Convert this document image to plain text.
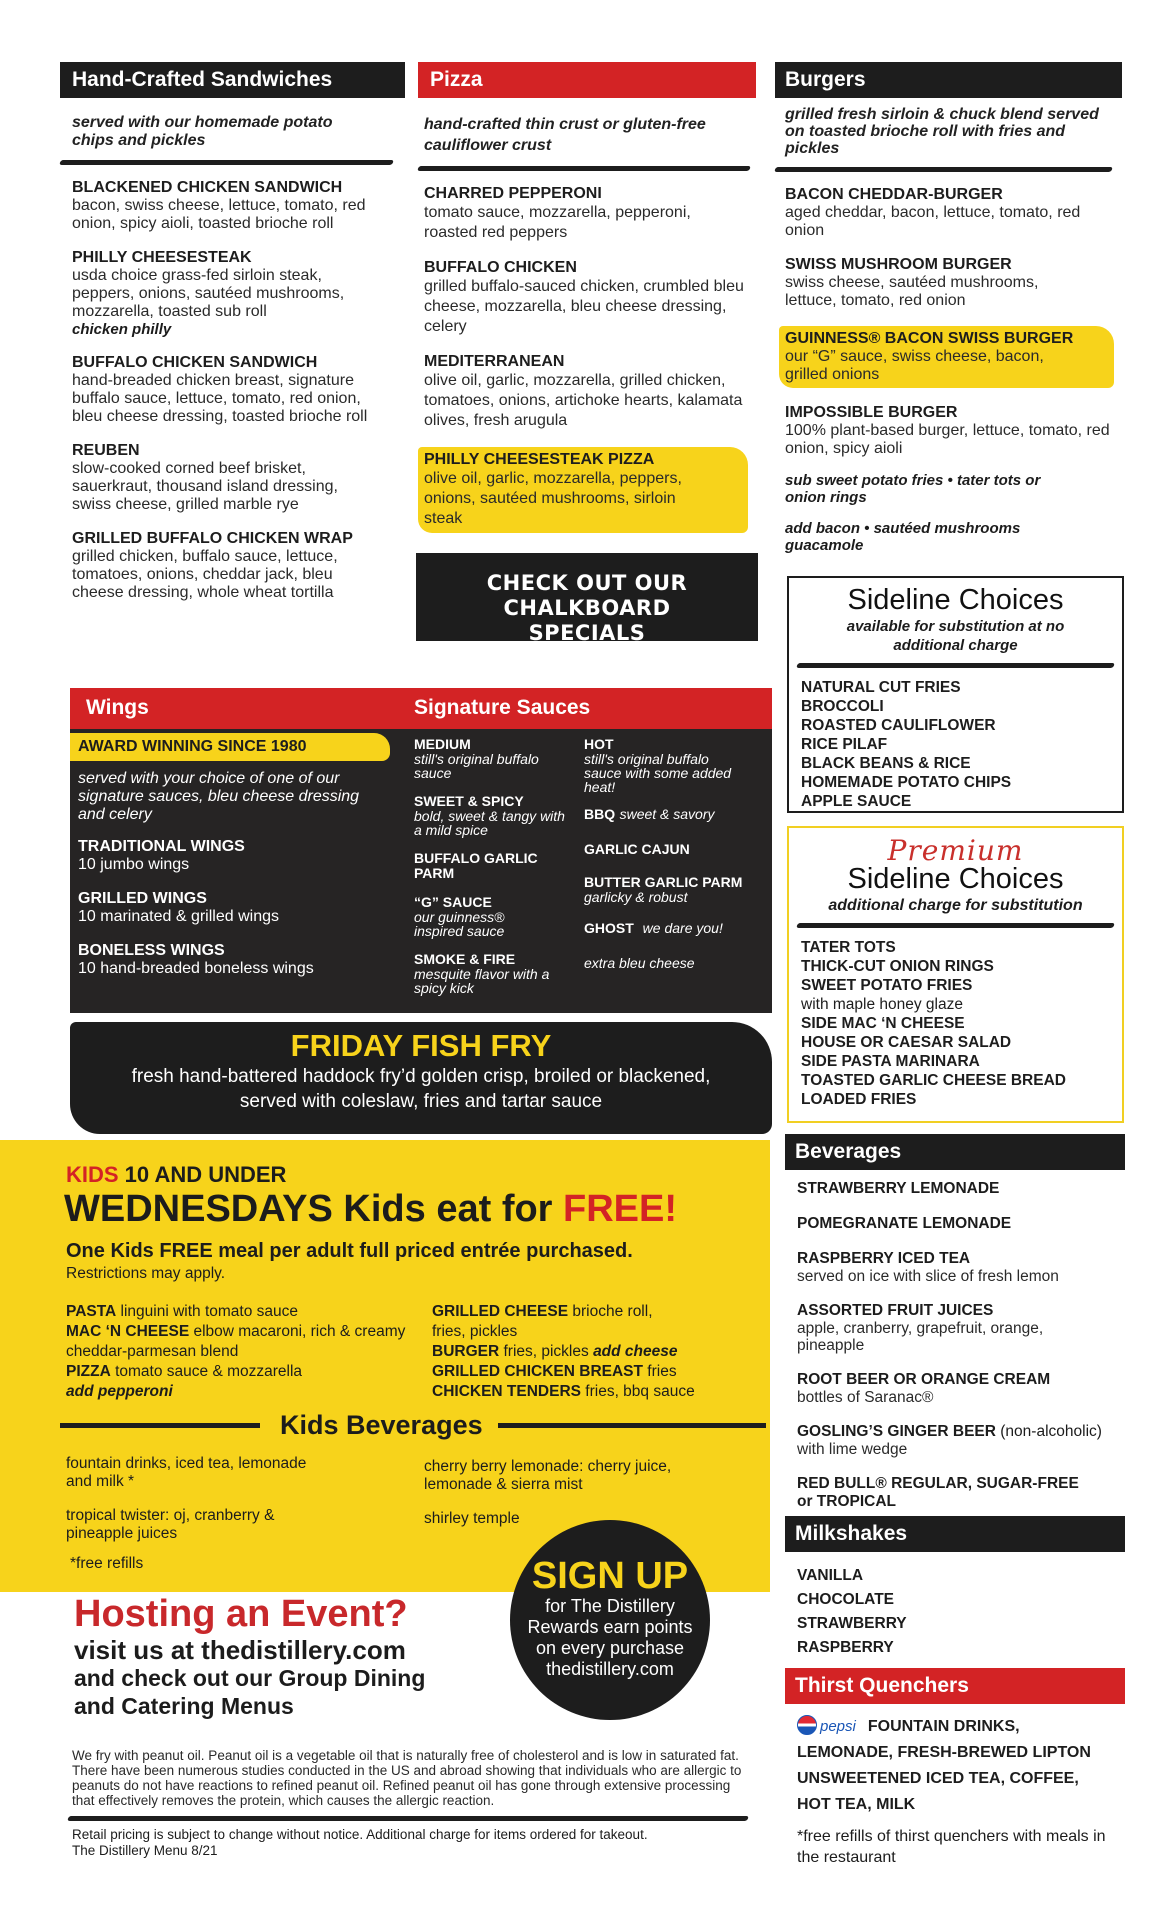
Hand-Crafted Sandwiches
served with our homemade potato chips and pickles
BLACKENED CHICKEN SANDWICH
bacon, swiss cheese, lettuce, tomato, red onion, spicy aioli, toasted brioche roll
PHILLY CHEESESTEAK
usda choice grass-fed sirloin steak, peppers, onions, sautéed mushrooms, mozzarella, toasted sub roll
chicken philly
BUFFALO CHICKEN SANDWICH
hand-breaded chicken breast, signature buffalo sauce, lettuce, tomato, red onion, bleu cheese dressing, toasted brioche roll
REUBEN
slow-cooked corned beef brisket, sauerkraut, thousand island dressing, swiss cheese, grilled marble rye
GRILLED BUFFALO CHICKEN WRAP
grilled chicken, buffalo sauce, lettuce, tomatoes, onions, cheddar jack, bleu cheese dressing, whole wheat tortilla
Pizza
hand-crafted thin crust or gluten-free cauliflower crust
CHARRED PEPPERONI
tomato sauce, mozzarella, pepperoni, roasted red peppers
BUFFALO CHICKEN
grilled buffalo-sauced chicken, crumbled bleu cheese, mozzarella, bleu cheese dressing, celery
MEDITERRANEAN
olive oil, garlic, mozzarella, grilled chicken, tomatoes, onions, artichoke hearts, kalamata olives, fresh arugula
PHILLY CHEESESTEAK PIZZA
olive oil, garlic, mozzarella, peppers, onions, sautéed mushrooms, sirloin steak
CHECK OUT OUR CHALKBOARD SPECIALS
Burgers
grilled fresh sirloin & chuck blend served on toasted brioche roll with fries and pickles
BACON CHEDDAR-BURGER
aged cheddar, bacon, lettuce, tomato, red onion
SWISS MUSHROOM BURGER
swiss cheese, sautéed mushrooms, lettuce, tomato, red onion
GUINNESS® BACON SWISS BURGER
our “G” sauce, swiss cheese, bacon, grilled onions
IMPOSSIBLE BURGER
100% plant-based burger, lettuce, tomato, red onion, spicy aioli
sub sweet potato fries • tater tots or onion rings
add bacon • sautéed mushrooms guacamole
Sideline Choices
available for substitution at no additional charge
NATURAL CUT FRIES
BROCCOLI
ROASTED CAULIFLOWER
RICE PILAF
BLACK BEANS & RICE
HOMEMADE POTATO CHIPS
APPLE SAUCE
Premium
Sideline Choices
additional charge for substitution
TATER TOTS
THICK-CUT ONION RINGS
SWEET POTATO FRIES
with maple honey glaze
SIDE MAC ‘N CHEESE
HOUSE OR CAESAR SALAD
SIDE PASTA MARINARA
TOASTED GARLIC CHEESE BREAD
LOADED FRIES
Beverages
STRAWBERRY LEMONADE
POMEGRANATE LEMONADE
RASPBERRY ICED TEA
served on ice with slice of fresh lemon
ASSORTED FRUIT JUICES
apple, cranberry, grapefruit, orange, pineapple
ROOT BEER OR ORANGE CREAM
bottles of Saranac®
GOSLING’S GINGER BEER (non-alcoholic)
with lime wedge
RED BULL® REGULAR, SUGAR-FREE or TROPICAL
Milkshakes
VANILLA
CHOCOLATE
STRAWBERRY
RASPBERRY
Thirst Quenchers
pepsi FOUNTAIN DRINKS, LEMONADE, FRESH-BREWED LIPTON UNSWEETENED ICED TEA, COFFEE, HOT TEA, MILK
*free refills of thirst quenchers with meals in the restaurant
Wings	Signature Sauces
AWARD WINNING SINCE 1980
served with your choice of one of our signature sauces, bleu cheese dressing and celery
TRADITIONAL WINGS
10 jumbo wings
GRILLED WINGS
10 marinated & grilled wings
BONELESS WINGS
10 hand-breaded boneless wings
MEDIUM
still's original buffalo sauce
SWEET & SPICY
bold, sweet & tangy with a mild spice
BUFFALO GARLIC PARM
“G” SAUCE
our guinness® inspired sauce
SMOKE & FIRE
mesquite flavor with a spicy kick
HOT
still's original buffalo sauce with some added heat!
BBQ sweet & savory
GARLIC CAJUN
BUTTER GARLIC PARM
garlicky & robust
GHOST we dare you!
extra bleu cheese
FRIDAY FISH FRY
fresh hand-battered haddock fry’d golden crisp, broiled or blackened,
served with coleslaw, fries and tartar sauce
KIDS 10 AND UNDER
WEDNESDAYS Kids eat for FREE!
One Kids FREE meal per adult full priced entrée purchased.
Restrictions may apply.
PASTA linguini with tomato sauce
MAC ‘N CHEESE elbow macaroni, rich & creamy cheddar-parmesan blend
PIZZA tomato sauce & mozzarella
add pepperoni
GRILLED CHEESE brioche roll, fries, pickles
BURGER fries, pickles add cheese
GRILLED CHICKEN BREAST fries
CHICKEN TENDERS fries, bbq sauce
Kids Beverages
fountain drinks, iced tea, lemonade and milk *
tropical twister: oj, cranberry & pineapple juices
*free refills
cherry berry lemonade: cherry juice, lemonade & sierra mist
shirley temple
Hosting an Event?
visit us at thedistillery.com
and check out our Group Dining
and Catering Menus
SIGN UP
for The Distillery
Rewards earn points
on every purchase
thedistillery.com
We fry with peanut oil. Peanut oil is a vegetable oil that is naturally free of cholesterol and is low in saturated fat. There have been numerous studies conducted in the US and abroad showing that individuals who are allergic to peanuts do not have reactions to refined peanut oil. Refined peanut oil has gone through extensive processing that effectively removes the protein, which causes the allergic reaction.
Retail pricing is subject to change without notice. Additional charge for items ordered for takeout.
The Distillery Menu 8/21
